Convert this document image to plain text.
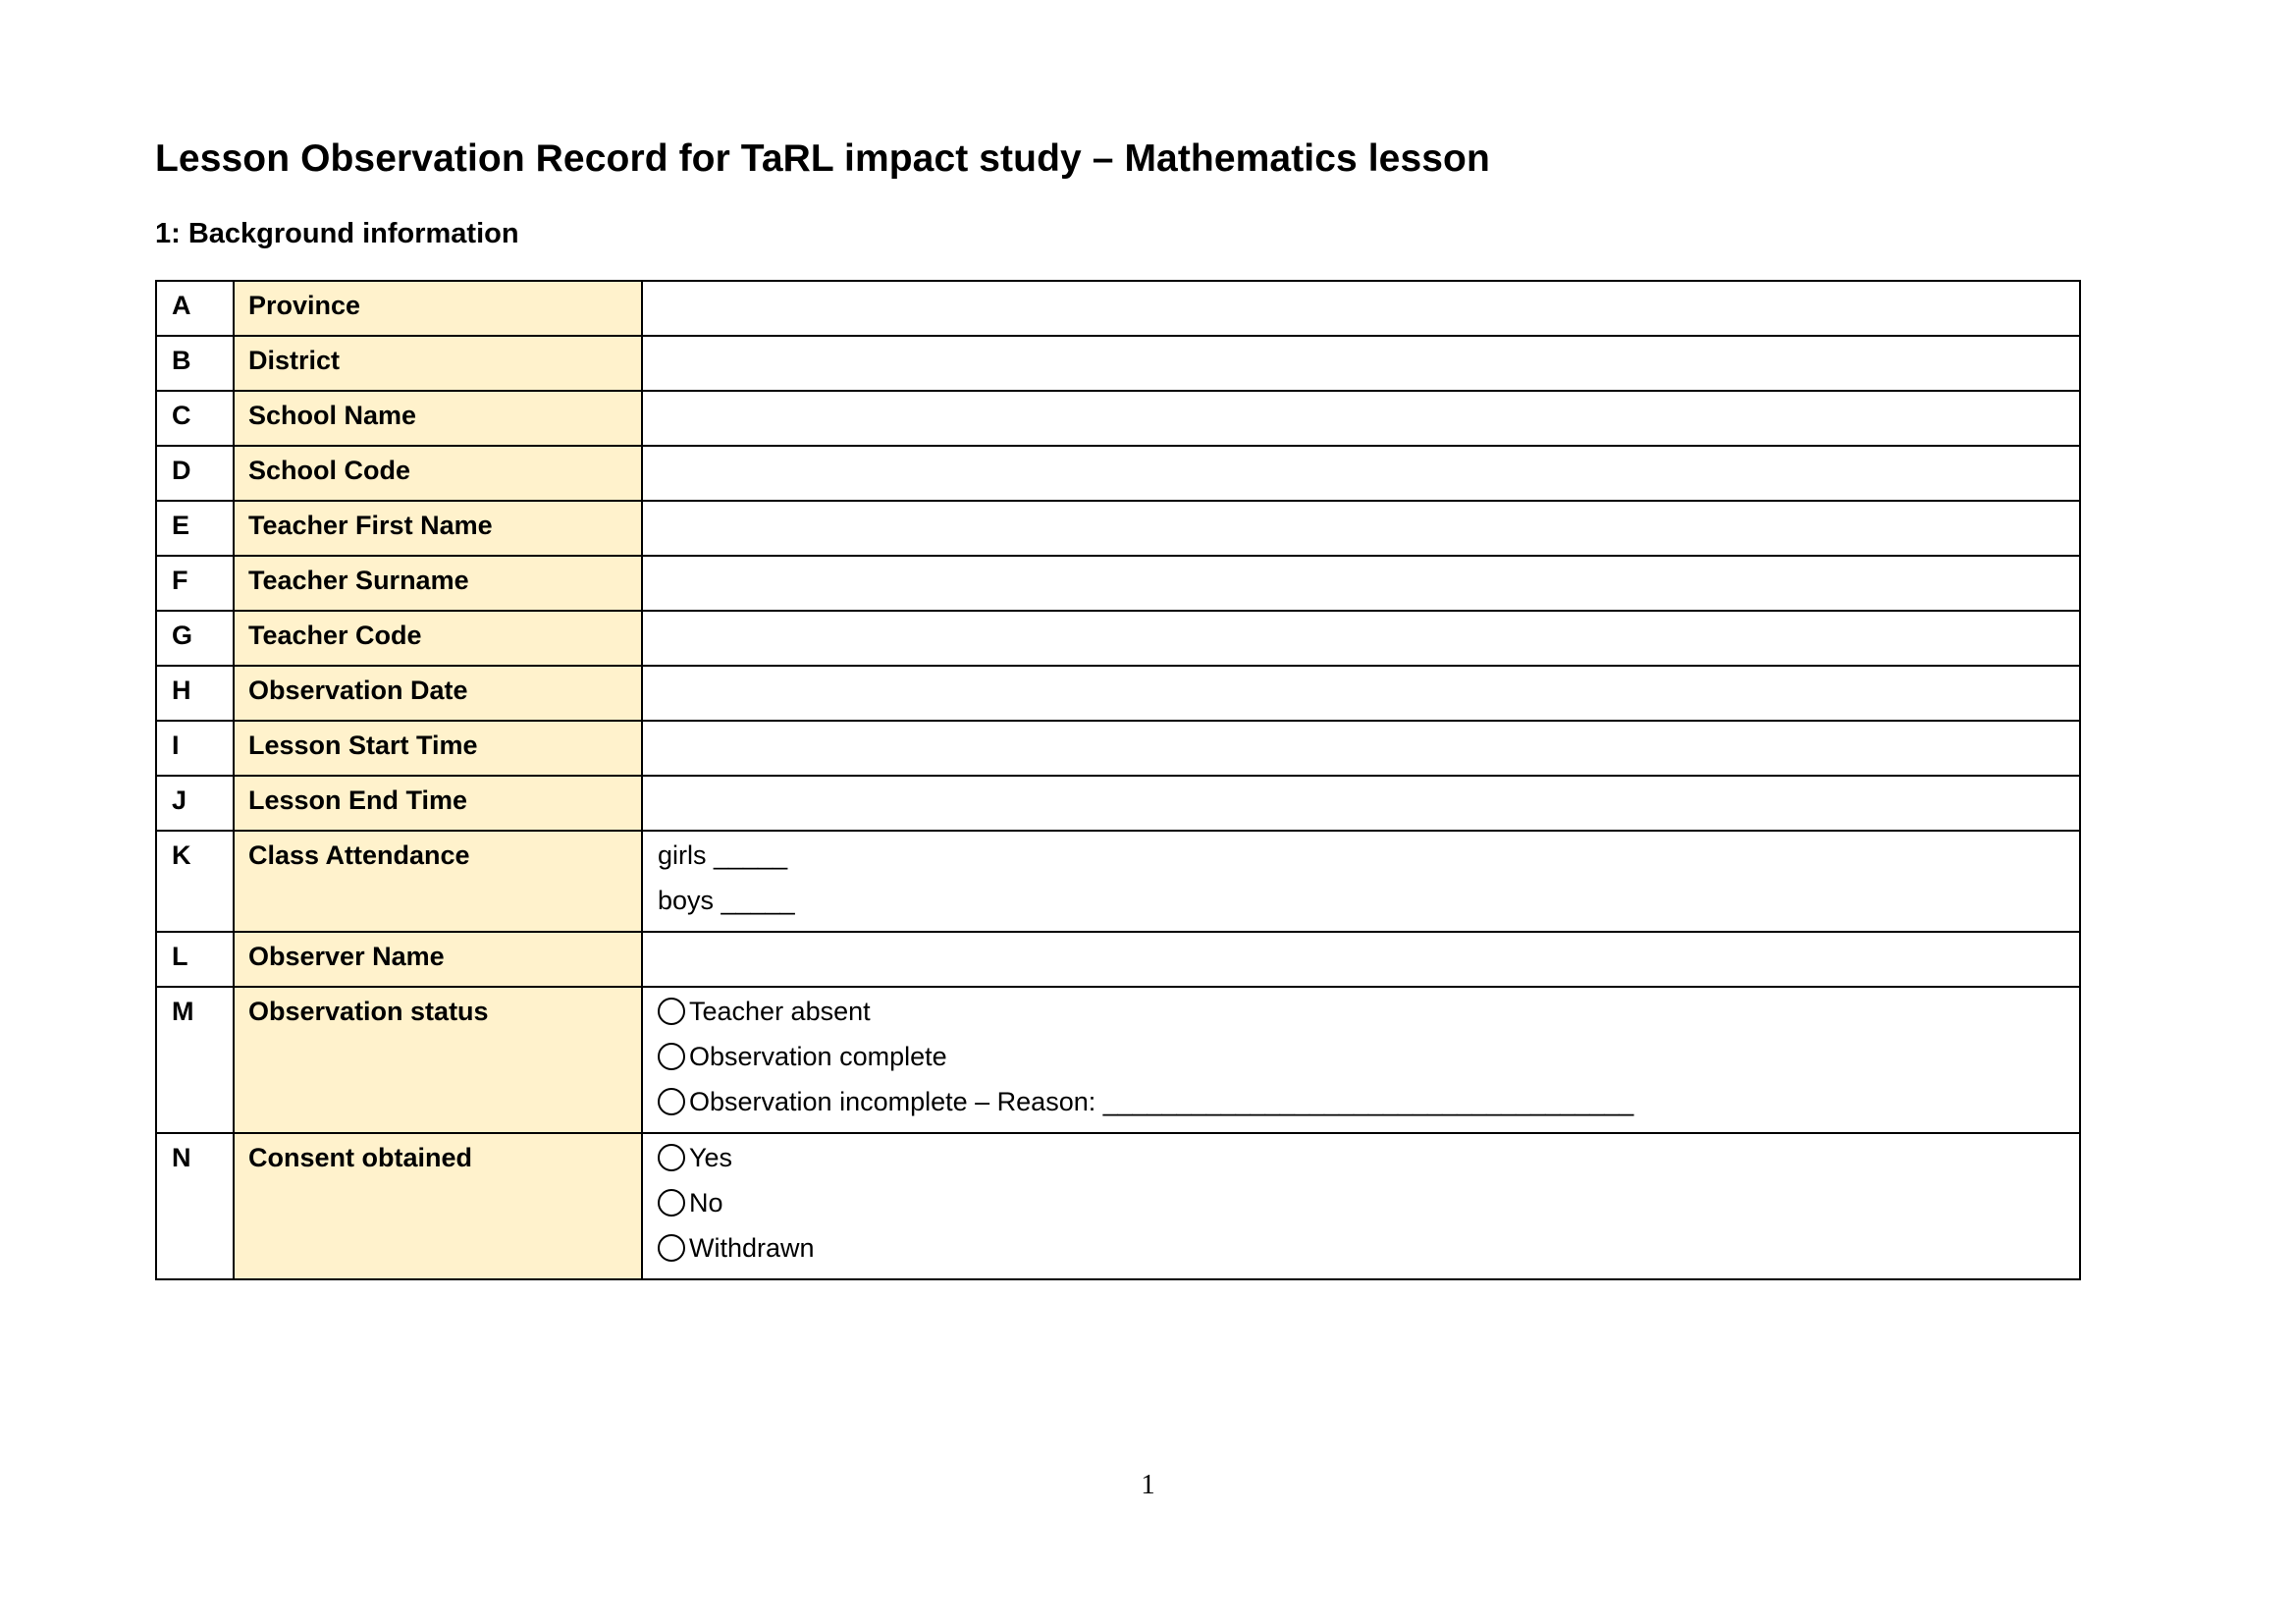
Lesson Observation Record for TaRL impact study – Mathematics lesson
1: Background information
A	Province	
B	District	
C	School Name	
D	School Code	
E	Teacher First Name	
F	Teacher Surname	
G	Teacher Code	
H	Observation Date	
I	Lesson Start Time	
J	Lesson End Time	
K	Class Attendance	girls _____
boys _____

L	Observer Name	
M	Observation status	Teacher absent
Observation complete
Observation incomplete – Reason: ____________________________________

N	Consent obtained	Yes
No
Withdrawn
1
